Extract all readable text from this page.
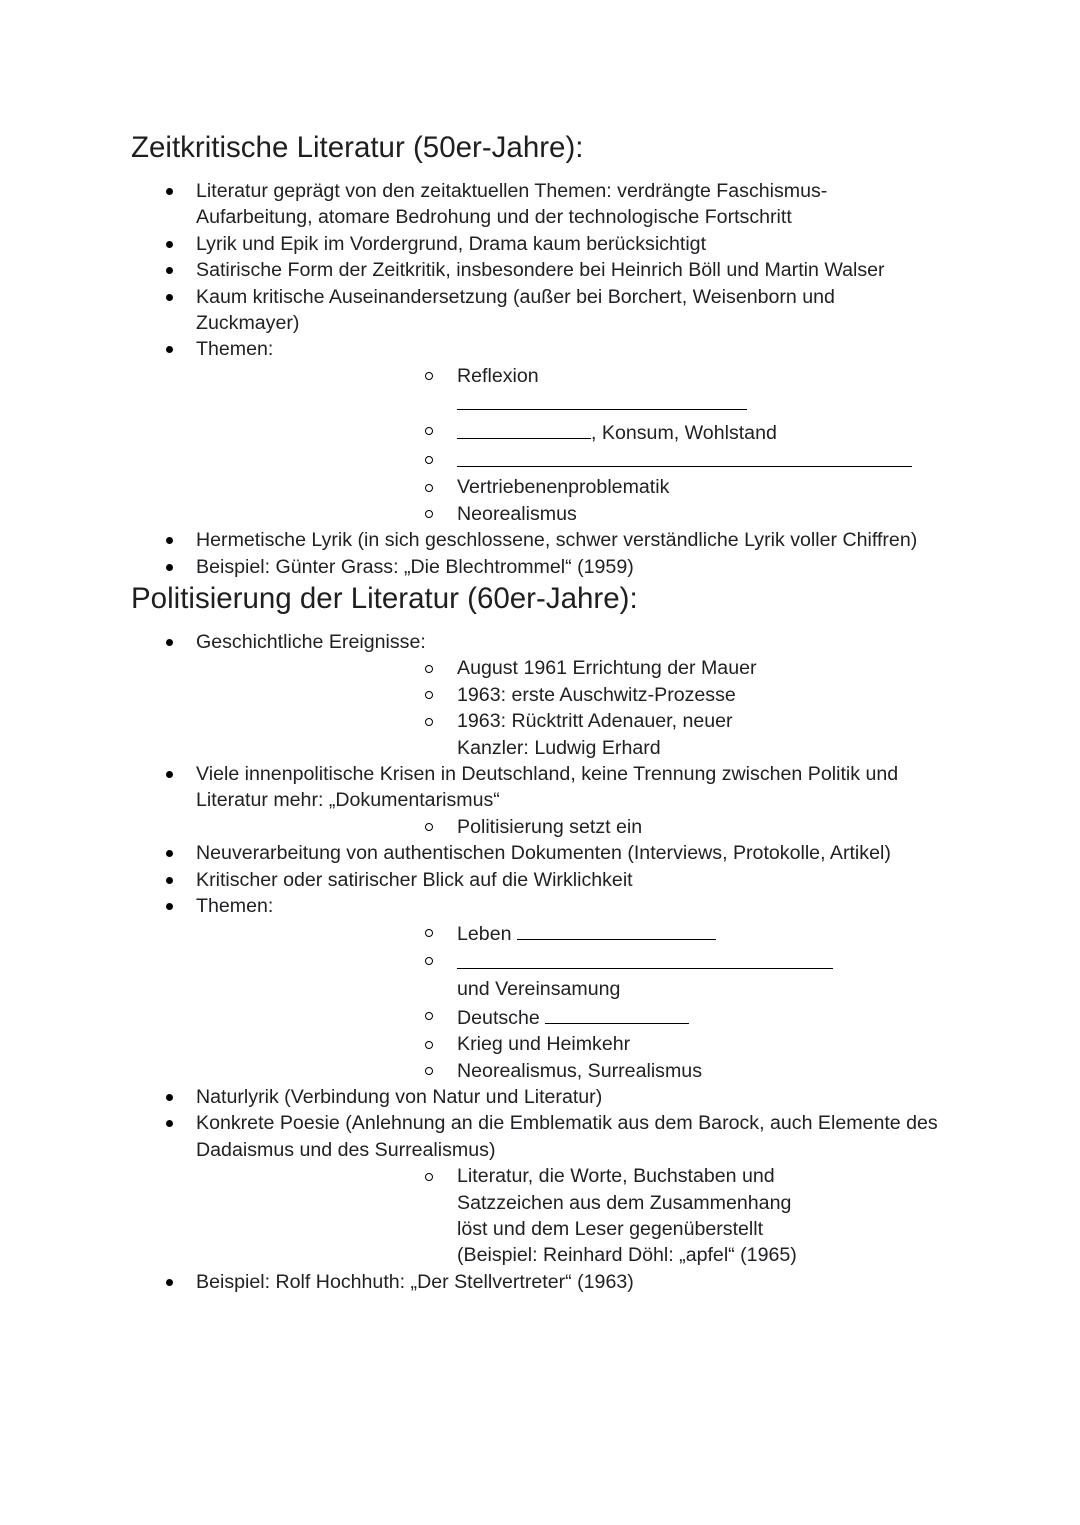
Zeitkritische Literatur (50er-Jahre):
Literatur geprägt von den zeitaktuellen Themen: verdrängte Faschismus-Aufarbeitung, atomare Bedrohung und der technologische Fortschritt
Lyrik und Epik im Vordergrund, Drama kaum berücksichtigt
Satirische Form der Zeitkritik, insbesondere bei Heinrich Böll und Martin Walser
Kaum kritische Auseinandersetzung (außer bei Borchert, Weisenborn und Zuckmayer)
Themen:
Reflexion
, Konsum, Wohlstand
Vertriebenenproblematik
Neorealismus
Hermetische Lyrik (in sich geschlossene, schwer verständliche Lyrik voller Chiffren)
Beispiel: Günter Grass: „Die Blechtrommel“ (1959)
Politisierung der Literatur (60er-Jahre):
Geschichtliche Ereignisse:
August 1961 Errichtung der Mauer
1963: erste Auschwitz-Prozesse
1963: Rücktritt Adenauer, neuer Kanzler: Ludwig Erhard
Viele innenpolitische Krisen in Deutschland, keine Trennung zwischen Politik und Literatur mehr: „Dokumentarismus“
Politisierung setzt ein
Neuverarbeitung von authentischen Dokumenten (Interviews, Protokolle, Artikel)
Kritischer oder satirischer Blick auf die Wirklichkeit
Themen:
Leben
und Vereinsamung
Deutsche
Krieg und Heimkehr
Neorealismus, Surrealismus
Naturlyrik (Verbindung von Natur und Literatur)
Konkrete Poesie (Anlehnung an die Emblematik aus dem Barock, auch Elemente des Dadaismus und des Surrealismus)
Literatur, die Worte, Buchstaben und Satzzeichen aus dem Zusammenhang löst und dem Leser gegenüberstellt (Beispiel: Reinhard Döhl: „apfel“ (1965)
Beispiel: Rolf Hochhuth: „Der Stellvertreter“ (1963)
